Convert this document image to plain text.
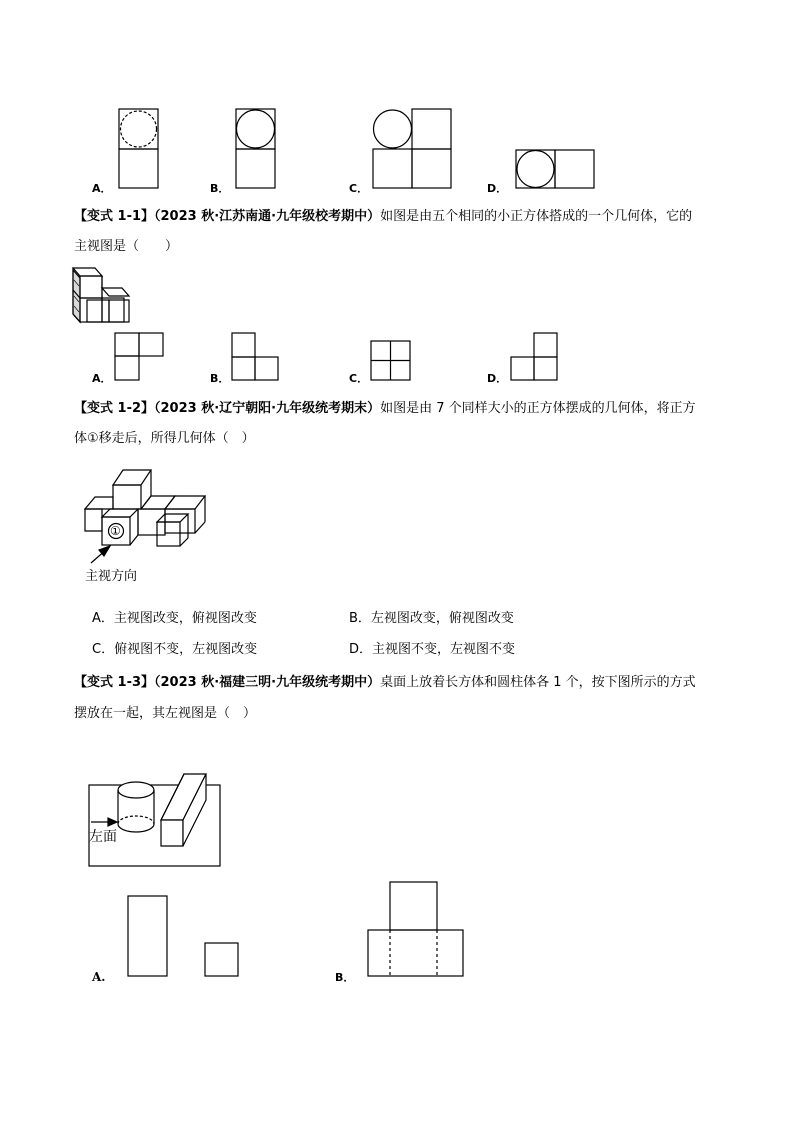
A．	B．	C．	D．
【变式 1-1】（2023 秋·江苏南通·九年级校考期中）如图是由五个相同的小正方体搭成的一个几何体，它的
主视图是（　　）
A．	B．	C．	D．
【变式 1-2】（2023 秋·辽宁朝阳·九年级统考期末）如图是由 7 个同样大小的正方体摆成的几何体，将正方
体①移走后，所得几何体（　）
①
主视方向
A．主视图改变，俯视图改变	B．左视图改变，俯视图改变
C．俯视图不变，左视图改变	D．主视图不变，左视图不变
【变式 1-3】（2023 秋·福建三明·九年级统考期中）桌面上放着长方体和圆柱体各 1 个，按下图所示的方式
摆放在一起，其左视图是（　）
左面
A.	B．
